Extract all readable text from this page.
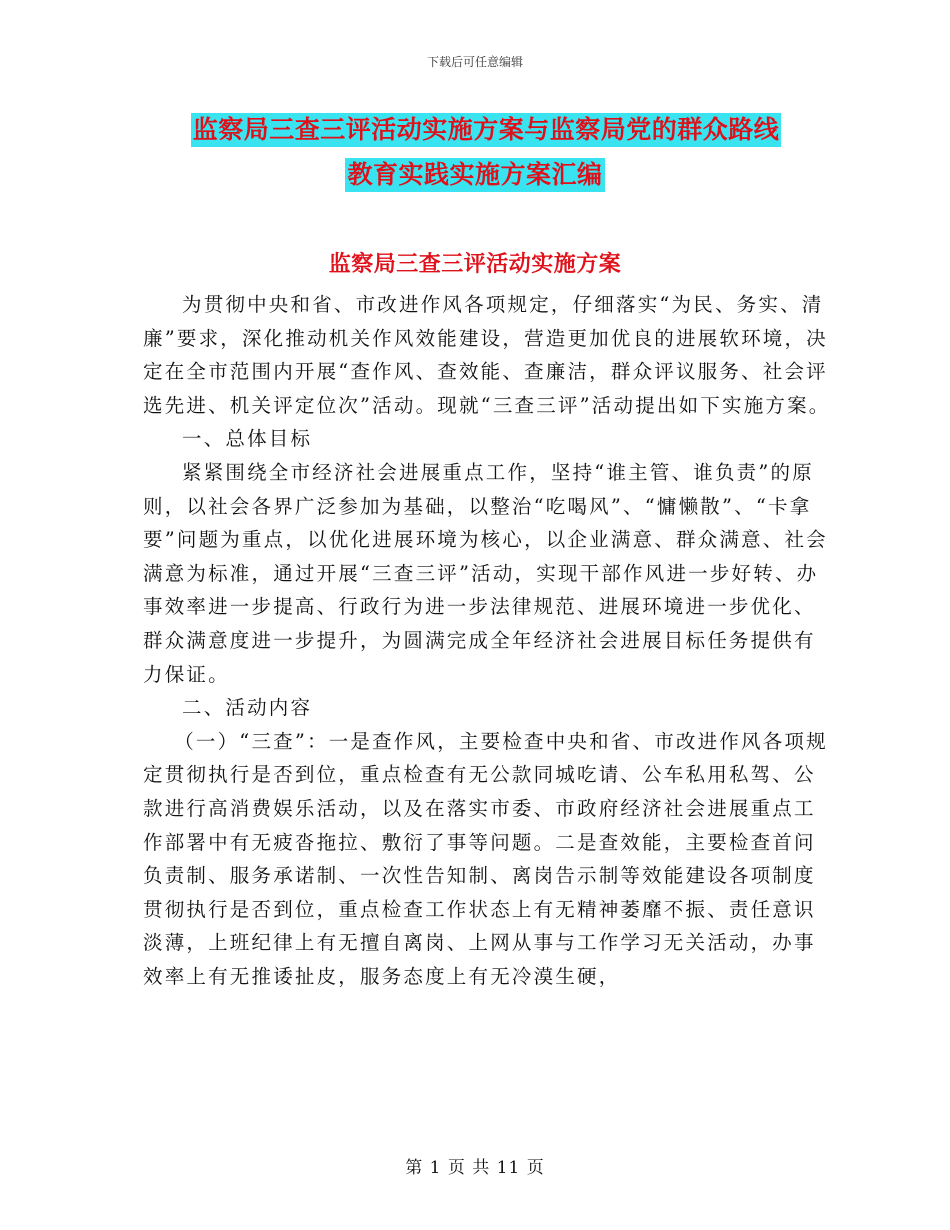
下载后可任意编辑
监察局三查三评活动实施方案与监察局党的群众路线
教育实践实施方案汇编
监察局三查三评活动实施方案

为贯彻中央和省、市改进作风各项规定，仔细落实“为民、务实、清廉”要求，深化推动机关作风效能建设，营造更加优良的进展软环境，决定在全市范围内开展“查作风、查效能、查廉洁，群众评议服务、社会评选先进、机关评定位次”活动。现就“三查三评”活动提出如下实施方案。

一、总体目标

紧紧围绕全市经济社会进展重点工作，坚持“谁主管、谁负责”的原则，以社会各界广泛参加为基础，以整治“吃喝风”、“慵懒散”、“卡拿要”问题为重点，以优化进展环境为核心，以企业满意、群众满意、社会满意为标准，通过开展“三查三评”活动，实现干部作风进一步好转、办事效率进一步提高、行政行为进一步法律规范、进展环境进一步优化、群众满意度进一步提升，为圆满完成全年经济社会进展目标任务提供有力保证。

二、活动内容

（一）“三查”：一是查作风，主要检查中央和省、市改进作风各项规定贯彻执行是否到位，重点检查有无公款同城吃请、公车私用私驾、公款进行高消费娱乐活动，以及在落实市委、市政府经济社会进展重点工作部署中有无疲沓拖拉、敷衍了事等问题。二是查效能，主要检查首问负责制、服务承诺制、一次性告知制、离岗告示制等效能建设各项制度贯彻执行是否到位，重点检查工作状态上有无精神萎靡不振、责任意识淡薄，上班纪律上有无擅自离岗、上网从事与工作学习无关活动，办事效率上有无推诿扯皮，服务态度上有无冷漠生硬，

第 1 页 共 11 页
